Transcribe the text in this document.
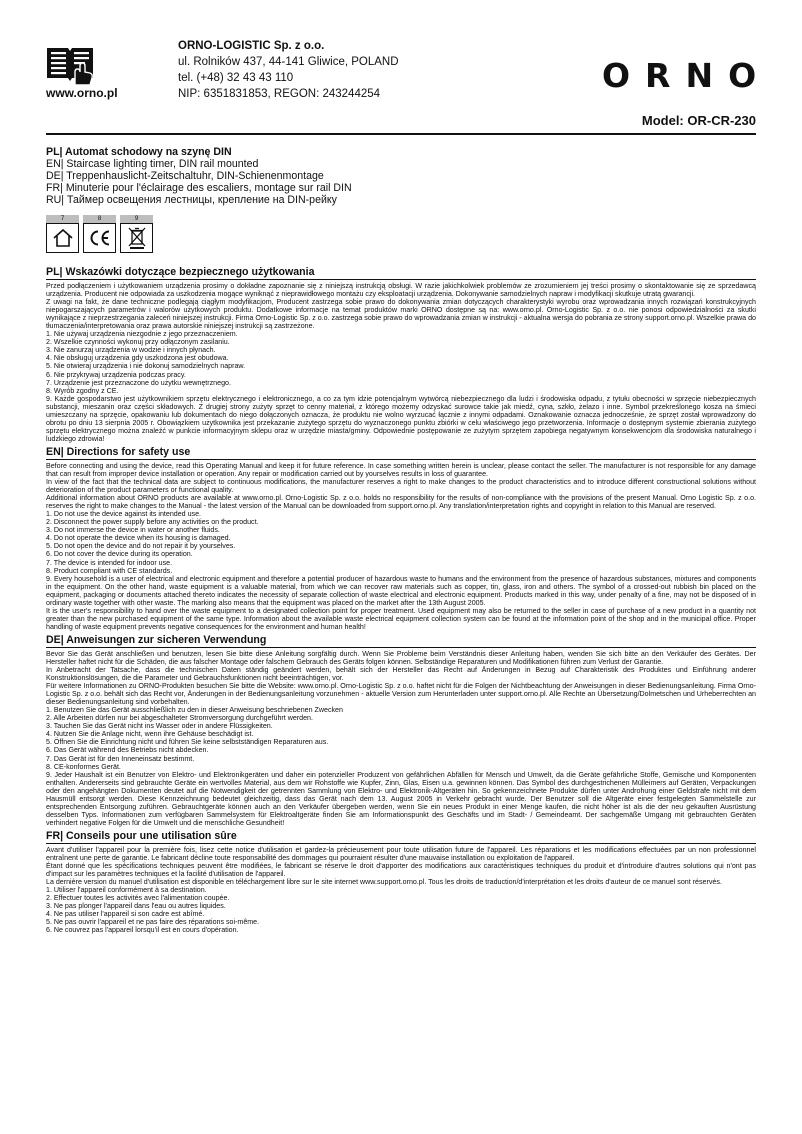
www.orno.pl
ORNO-LOGISTIC Sp. z o.o.
ul. Rolników 437, 44-141 Gliwice, POLAND
tel. (+48) 32 43 43 110
NIP: 6351831853, REGON: 243244254	ORNO
Model: OR-CR-230
PL| Automat schodowy na szynę DIN
EN| Staircase lighting timer, DIN rail mounted
DE| Treppenhauslicht-Zeitschaltuhr, DIN-Schienenmontage
FR| Minuterie pour l'éclairage des escaliers, montage sur rail DIN
RU| Таймер освещения лестницы, крепление на DIN-рейку
7	8	9
PL| Wskazówki dotyczące bezpiecznego użytkowania

Przed podłączeniem i użytkowaniem urządzenia prosimy o dokładne zapoznanie się z niniejszą instrukcją obsługi. W razie jakichkolwiek problemów ze zrozumieniem jej treści prosimy o skontaktowanie się ze sprzedawcą urządzenia. Producent nie odpowiada za uszkodzenia mogące wyniknąć z nieprawidłowego montażu czy eksploatacji urządzenia. Dokonywanie samodzielnych napraw i modyfikacji skutkuje utratą gwarancji.

Z uwagi na fakt, że dane techniczne podlegają ciągłym modyfikacjom, Producent zastrzega sobie prawo do dokonywania zmian dotyczących charakterystyki wyrobu oraz wprowadzania innych rozwiązań konstrukcyjnych niepogarszających parametrów i walorów użytkowych produktu. Dodatkowe informacje na temat produktów marki ORNO dostępne są na: www.orno.pl. Orno-Logistic Sp. z o.o. nie ponosi odpowiedzialności za skutki wynikające z nieprzestrzegania zaleceń niniejszej instrukcji. Firma Orno-Logistic Sp. z o.o. zastrzega sobie prawo do wprowadzania zmian w instrukcji - aktualna wersja do pobrania ze strony support.orno.pl. Wszelkie prawa do tłumaczenia/interpretowania oraz prawa autorskie niniejszej instrukcji są zastrzeżone.

1. Nie używaj urządzenia niezgodnie z jego przeznaczeniem.

2. Wszelkie czynności wykonuj przy odłączonym zasilaniu.

3. Nie zanurzaj urządzenia w wodzie i innych płynach.

4. Nie obsługuj urządzenia gdy uszkodzona jest obudowa.

5. Nie otwieraj urządzenia i nie dokonuj samodzielnych napraw.

6. Nie przykrywaj urządzenia podczas pracy.

7. Urządzenie jest przeznaczone do użytku wewnętrznego.

8. Wyrób zgodny z CE.

9. Każde gospodarstwo jest użytkownikiem sprzętu elektrycznego i elektronicznego, a co za tym idzie potencjalnym wytwórcą niebezpiecznego dla ludzi i środowiska odpadu, z tytułu obecności w sprzęcie niebezpiecznych substancji, mieszanin oraz części składowych. Z drugiej strony zużyty sprzęt to cenny materiał, z którego możemy odzyskać surowce takie jak miedź, cyna, szkło, żelazo i inne. Symbol przekreślonego kosza na śmieci umieszczany na sprzęcie, opakowaniu lub dokumentach do niego dołączonych oznacza, że produktu nie wolno wyrzucać łącznie z innymi odpadami. Oznakowanie oznacza jednocześnie, że sprzęt został wprowadzony do obrotu po dniu 13 sierpnia 2005 r. Obowiązkiem użytkownika jest przekazanie zużytego sprzętu do wyznaczonego punktu zbiórki w celu właściwego jego przetworzenia. Informacje o dostępnym systemie zbierania zużytego sprzętu elektrycznego można znaleźć w punkcie informacyjnym sklepu oraz w urzędzie miasta/gminy. Odpowiednie postępowanie ze zużytym sprzętem zapobiega negatywnym konsekwencjom dla środowiska naturalnego i ludzkiego zdrowia!

EN| Directions for safety use

Before connecting and using the device, read this Operating Manual and keep it for future reference. In case something written herein is unclear, please contact the seller. The manufacturer is not responsible for any damage that can result from improper device installation or operation. Any repair or modification carried out by yourselves results in loss of guarantee.

In view of the fact that the technical data are subject to continuous modifications, the manufacturer reserves a right to make changes to the product characteristics and to introduce different constructional solutions without deterioration of the product parameters or functional quality.

Additional information about ORNO products are available at www.orno.pl. Orno-Logistic Sp. z o.o. holds no responsibility for the results of non-compliance with the provisions of the present Manual. Orno Logistic Sp. z o.o. reserves the right to make changes to the Manual - the latest version of the Manual can be downloaded from support.orno.pl. Any translation/interpretation rights and copyright in relation to this Manual are reserved.

1. Do not use the device against its intended use.

2. Disconnect the power supply before any activities on the product.

3. Do not immerse the device in water or another fluids.

4. Do not operate the device when its housing is damaged.

5. Do not open the device and do not repair it by yourselves.

6. Do not cover the device during its operation.

7. The device is intended for indoor use.

8. Product compliant with CE standards.

9. Every household is a user of electrical and electronic equipment and therefore a potential producer of hazardous waste to humans and the environment from the presence of hazardous substances, mixtures and components in the equipment. On the other hand, waste equipment is a valuable material, from which we can recover raw materials such as copper, tin, glass, iron and others. The symbol of a crossed-out rubbish bin placed on the equipment, packaging or documents attached thereto indicates the necessity of separate collection of waste electrical and electronic equipment. Products marked in this way, under penalty of a fine, may not be disposed of in ordinary waste together with other waste. The marking also means that the equipment was placed on the market after the 13th August 2005.

It is the user's responsibility to hand over the waste equipment to a designated collection point for proper treatment. Used equipment may also be returned to the seller in case of purchase of a new product in a quantity not greater than the new purchased equipment of the same type. Information about the available waste electrical equipment collection system can be found at the information point of the shop and in the municipal office. Proper handling of waste equipment prevents negative consequences for the environment and human health!

DE| Anweisungen zur sicheren Verwendung

Bevor Sie das Gerät anschließen und benutzen, lesen Sie bitte diese Anleitung sorgfältig durch. Wenn Sie Probleme beim Verständnis dieser Anleitung haben, wenden Sie sich bitte an den Verkäufer des Gerätes. Der Hersteller haftet nicht für die Schäden, die aus falscher Montage oder falschem Gebrauch des Geräts folgen können. Selbständige Reparaturen und Modifikationen führen zum Verlust der Garantie.

In Anbetracht der Tatsache, dass die technischen Daten ständig geändert werden, behält sich der Hersteller das Recht auf Änderungen in Bezug auf Charakteristik des Produktes und Einführung anderer Konstruktionslösungen, die die Parameter und Gebrauchsfunktionen nicht beeinträchtigen, vor.

Für weitere Informationen zu ORNO-Produkten besuchen Sie bitte die Website: www.orno.pl. Orno-Logistic Sp. z o.o. haftet nicht für die Folgen der Nichtbeachtung der Anweisungen in dieser Bedienungsanleitung. Firma Orno-Logistic Sp. z o.o. behält sich das Recht vor, Änderungen in der Bedienungsanleitung vorzunehmen - aktuelle Version zum Herunterladen unter support.orno.pl. Alle Rechte an Übersetzung/Dolmetschen und Urheberrechten an dieser Bedienungsanleitung sind vorbehalten.

1. Benutzen Sie das Gerät ausschließlich zu den in dieser Anweisung beschriebenen Zwecken

2. Alle Arbeiten dürfen nur bei abgeschalteter Stromversorgung durchgeführt werden.

3. Tauchen Sie das Gerät nicht ins Wasser oder in andere Flüssigkeiten.

4. Nutzen Sie die Anlage nicht, wenn ihre Gehäuse beschädigt ist.

5. Öffnen Sie die Einrichtung nicht und führen Sie keine selbstständigen Reparaturen aus.

6. Das Gerät während des Betriebs nicht abdecken.

7. Das Gerät ist für den Inneneinsatz bestimmt.

8. CE-konformes Gerät.

9. Jeder Haushalt ist ein Benutzer von Elektro- und Elektronikgeräten und daher ein potenzieller Produzent von gefährlichen Abfällen für Mensch und Umwelt, da die Geräte gefährliche Stoffe, Gemische und Komponenten enthalten. Andererseits sind gebrauchte Geräte ein wertvolles Material, aus dem wir Rohstoffe wie Kupfer, Zinn, Glas, Eisen u.a. gewinnen können. Das Symbol des durchgestrichenen Mülleimers auf Geräten, Verpackungen oder den angehängten Dokumenten deutet auf die Notwendigkeit der getrennten Sammlung von Elektro- und Elektronik-Altgeräten hin. So gekennzeichnete Produkte dürfen unter Androhung einer Geldstrafe nicht mit dem Hausmüll entsorgt werden. Diese Kennzeichnung bedeutet gleichzeitig, dass das Gerät nach dem 13. August 2005 in Verkehr gebracht wurde. Der Benutzer soll die Altgeräte einer festgelegten Sammelstelle zur entsprechenden Entsorgung zuführen. Gebrauchtgeräte können auch an den Verkäufer übergeben werden, wenn Sie ein neues Produkt in einer Menge kaufen, die nicht höher ist als die der neu gekauften Ausrüstung desselben Typs. Informationen zum verfügbaren Sammelsystem für Elektroaltgeräte finden Sie am Informationspunkt des Geschäfts und im Stadt- / Gemeindeamt. Der sachgemäße Umgang mit gebrauchten Geräten verhindert negative Folgen für die Umwelt und die menschliche Gesundheit!

FR| Conseils pour une utilisation sûre

Avant d'utiliser l'appareil pour la première fois, lisez cette notice d'utilisation et gardez-la précieusement pour toute utilisation future de l'appareil. Les réparations et les modifications effectuées par un non professionnel entraînent une perte de garantie. Le fabricant décline toute responsabilité des dommages qui pourraient résulter d'une mauvaise installation ou exploitation de l'appareil.

Étant donné que les spécifications techniques peuvent être modifiées, le fabricant se réserve le droit d'apporter des modifications aux caractéristiques techniques du produit et d'introduire d'autres solutions qui n'ont pas d'impact sur les paramètres techniques et la facilité d'utilisation de l'appareil.

La dernière version du manuel d'utilisation est disponible en téléchargement libre sur le site internet www.support.orno.pl. Tous les droits de traduction/d'interprétation et les droits d'auteur de ce manuel sont réservés.

1. Utiliser l'appareil conformément à sa destination.

2. Effectuer toutes les activités avec l'alimentation coupée.

3. Ne pas plonger l'appareil dans l'eau ou autres liquides.

4. Ne pas utiliser l'appareil si son cadre est abîmé.

5. Ne pas ouvrir l'appareil et ne pas faire des réparations soi-même.

6. Ne couvrez pas l'appareil lorsqu'il est en cours d'opération.
